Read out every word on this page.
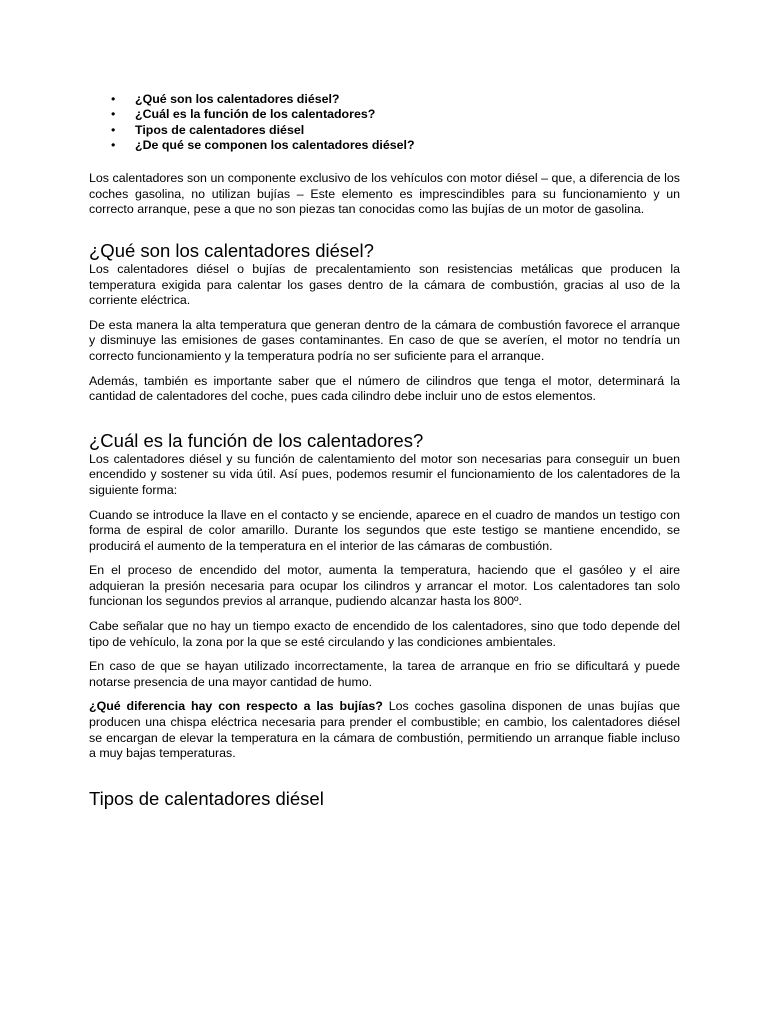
• ¿Qué son los calentadores diésel?
• ¿Cuál es la función de los calentadores?
• Tipos de calentadores diésel
• ¿De qué se componen los calentadores diésel?

Los calentadores son un componente exclusivo de los vehículos con motor diésel – que, a diferencia de los coches gasolina, no utilizan bujías – Este elemento es imprescindibles para su funcionamiento y un correcto arranque, pese a que no son piezas tan conocidas como las bujías de un motor de gasolina.

¿Qué son los calentadores diésel?

Los calentadores diésel o bujías de precalentamiento son resistencias metálicas que producen la temperatura exigida para calentar los gases dentro de la cámara de combustión, gracias al uso de la corriente eléctrica.

De esta manera la alta temperatura que generan dentro de la cámara de combustión favorece el arranque y disminuye las emisiones de gases contaminantes. En caso de que se averíen, el motor no tendría un correcto funcionamiento y la temperatura podría no ser suficiente para el arranque.

Además, también es importante saber que el número de cilindros que tenga el motor, determinará la cantidad de calentadores del coche, pues cada cilindro debe incluir uno de estos elementos.

¿Cuál es la función de los calentadores?

Los calentadores diésel y su función de calentamiento del motor son necesarias para conseguir un buen encendido y sostener su vida útil. Así pues, podemos resumir el funcionamiento de los calentadores de la siguiente forma:

Cuando se introduce la llave en el contacto y se enciende, aparece en el cuadro de mandos un testigo con forma de espiral de color amarillo. Durante los segundos que este testigo se mantiene encendido, se producirá el aumento de la temperatura en el interior de las cámaras de combustión.

En el proceso de encendido del motor, aumenta la temperatura, haciendo que el gasóleo y el aire adquieran la presión necesaria para ocupar los cilindros y arrancar el motor. Los calentadores tan solo funcionan los segundos previos al arranque, pudiendo alcanzar hasta los 800º.

Cabe señalar que no hay un tiempo exacto de encendido de los calentadores, sino que todo depende del tipo de vehículo, la zona por la que se esté circulando y las condiciones ambientales.

En caso de que se hayan utilizado incorrectamente, la tarea de arranque en frio se dificultará y puede notarse presencia de una mayor cantidad de humo.

¿Qué diferencia hay con respecto a las bujías? Los coches gasolina disponen de unas bujías que producen una chispa eléctrica necesaria para prender el combustible; en cambio, los calentadores diésel se encargan de elevar la temperatura en la cámara de combustión, permitiendo un arranque fiable incluso a muy bajas temperaturas.

Tipos de calentadores diésel
